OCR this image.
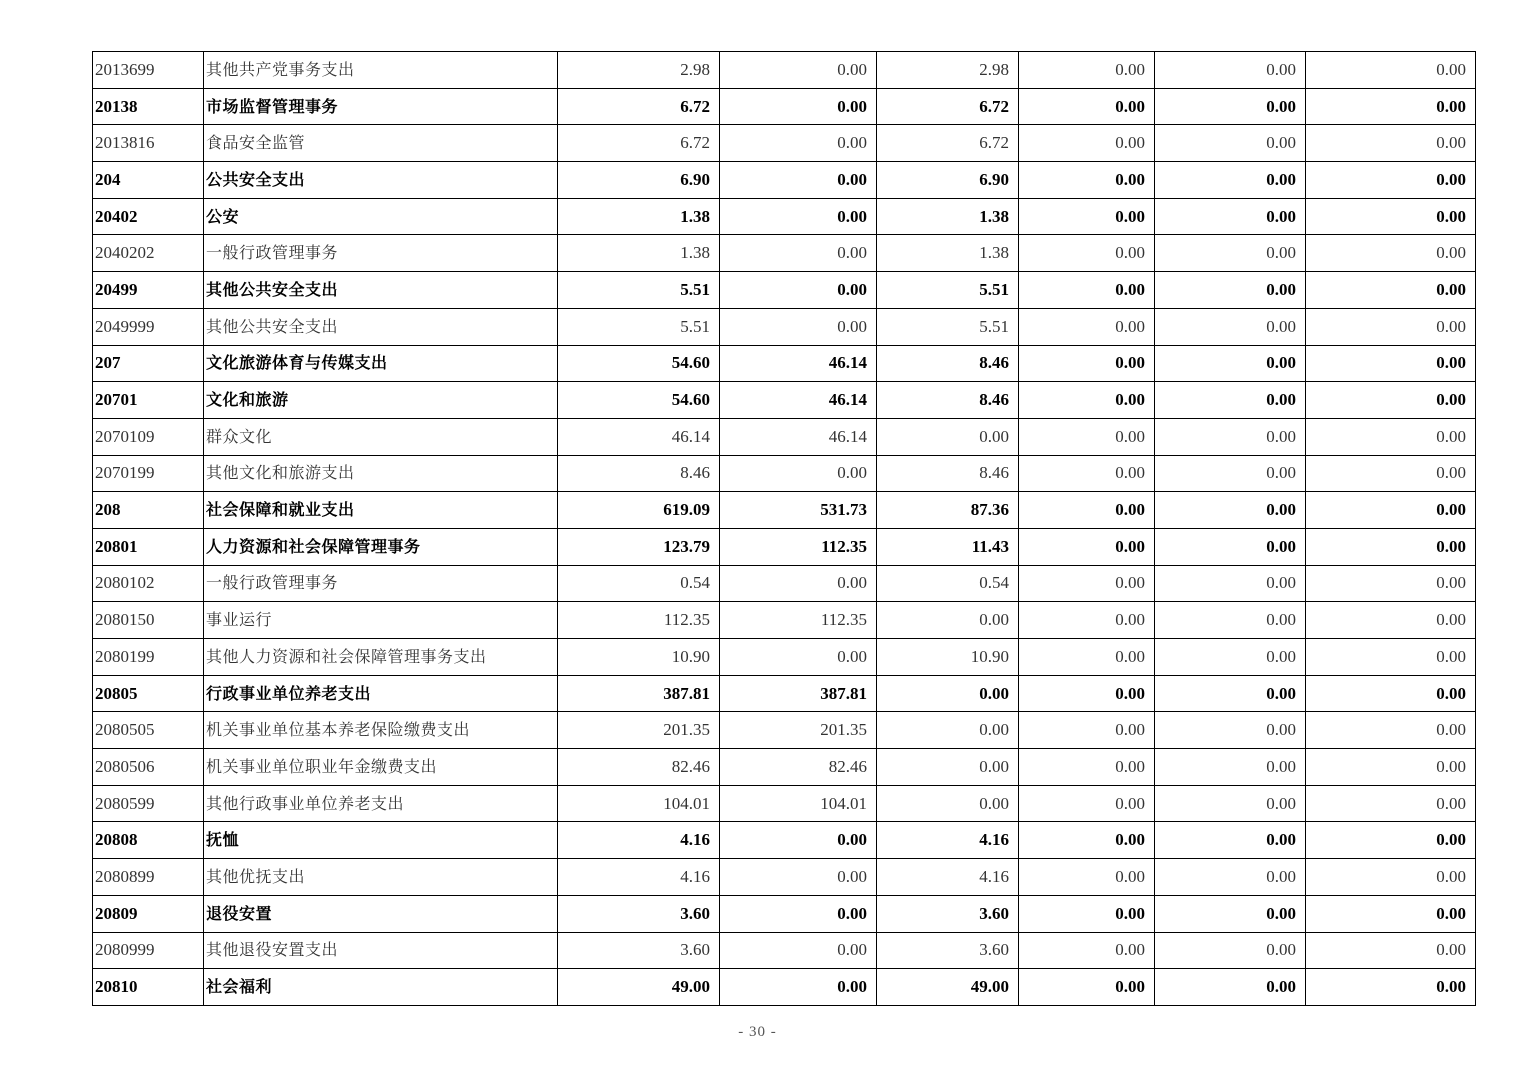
2013699	其他共产党事务支出	2.98	0.00	2.98	0.00	0.00	0.00
20138	市场监督管理事务	6.72	0.00	6.72	0.00	0.00	0.00
2013816	食品安全监管	6.72	0.00	6.72	0.00	0.00	0.00
204	公共安全支出	6.90	0.00	6.90	0.00	0.00	0.00
20402	公安	1.38	0.00	1.38	0.00	0.00	0.00
2040202	一般行政管理事务	1.38	0.00	1.38	0.00	0.00	0.00
20499	其他公共安全支出	5.51	0.00	5.51	0.00	0.00	0.00
2049999	其他公共安全支出	5.51	0.00	5.51	0.00	0.00	0.00
207	文化旅游体育与传媒支出	54.60	46.14	8.46	0.00	0.00	0.00
20701	文化和旅游	54.60	46.14	8.46	0.00	0.00	0.00
2070109	群众文化	46.14	46.14	0.00	0.00	0.00	0.00
2070199	其他文化和旅游支出	8.46	0.00	8.46	0.00	0.00	0.00
208	社会保障和就业支出	619.09	531.73	87.36	0.00	0.00	0.00
20801	人力资源和社会保障管理事务	123.79	112.35	11.43	0.00	0.00	0.00
2080102	一般行政管理事务	0.54	0.00	0.54	0.00	0.00	0.00
2080150	事业运行	112.35	112.35	0.00	0.00	0.00	0.00
2080199	其他人力资源和社会保障管理事务支出	10.90	0.00	10.90	0.00	0.00	0.00
20805	行政事业单位养老支出	387.81	387.81	0.00	0.00	0.00	0.00
2080505	机关事业单位基本养老保险缴费支出	201.35	201.35	0.00	0.00	0.00	0.00
2080506	机关事业单位职业年金缴费支出	82.46	82.46	0.00	0.00	0.00	0.00
2080599	其他行政事业单位养老支出	104.01	104.01	0.00	0.00	0.00	0.00
20808	抚恤	4.16	0.00	4.16	0.00	0.00	0.00
2080899	其他优抚支出	4.16	0.00	4.16	0.00	0.00	0.00
20809	退役安置	3.60	0.00	3.60	0.00	0.00	0.00
2080999	其他退役安置支出	3.60	0.00	3.60	0.00	0.00	0.00
20810	社会福利	49.00	0.00	49.00	0.00	0.00	0.00
- 30 -
